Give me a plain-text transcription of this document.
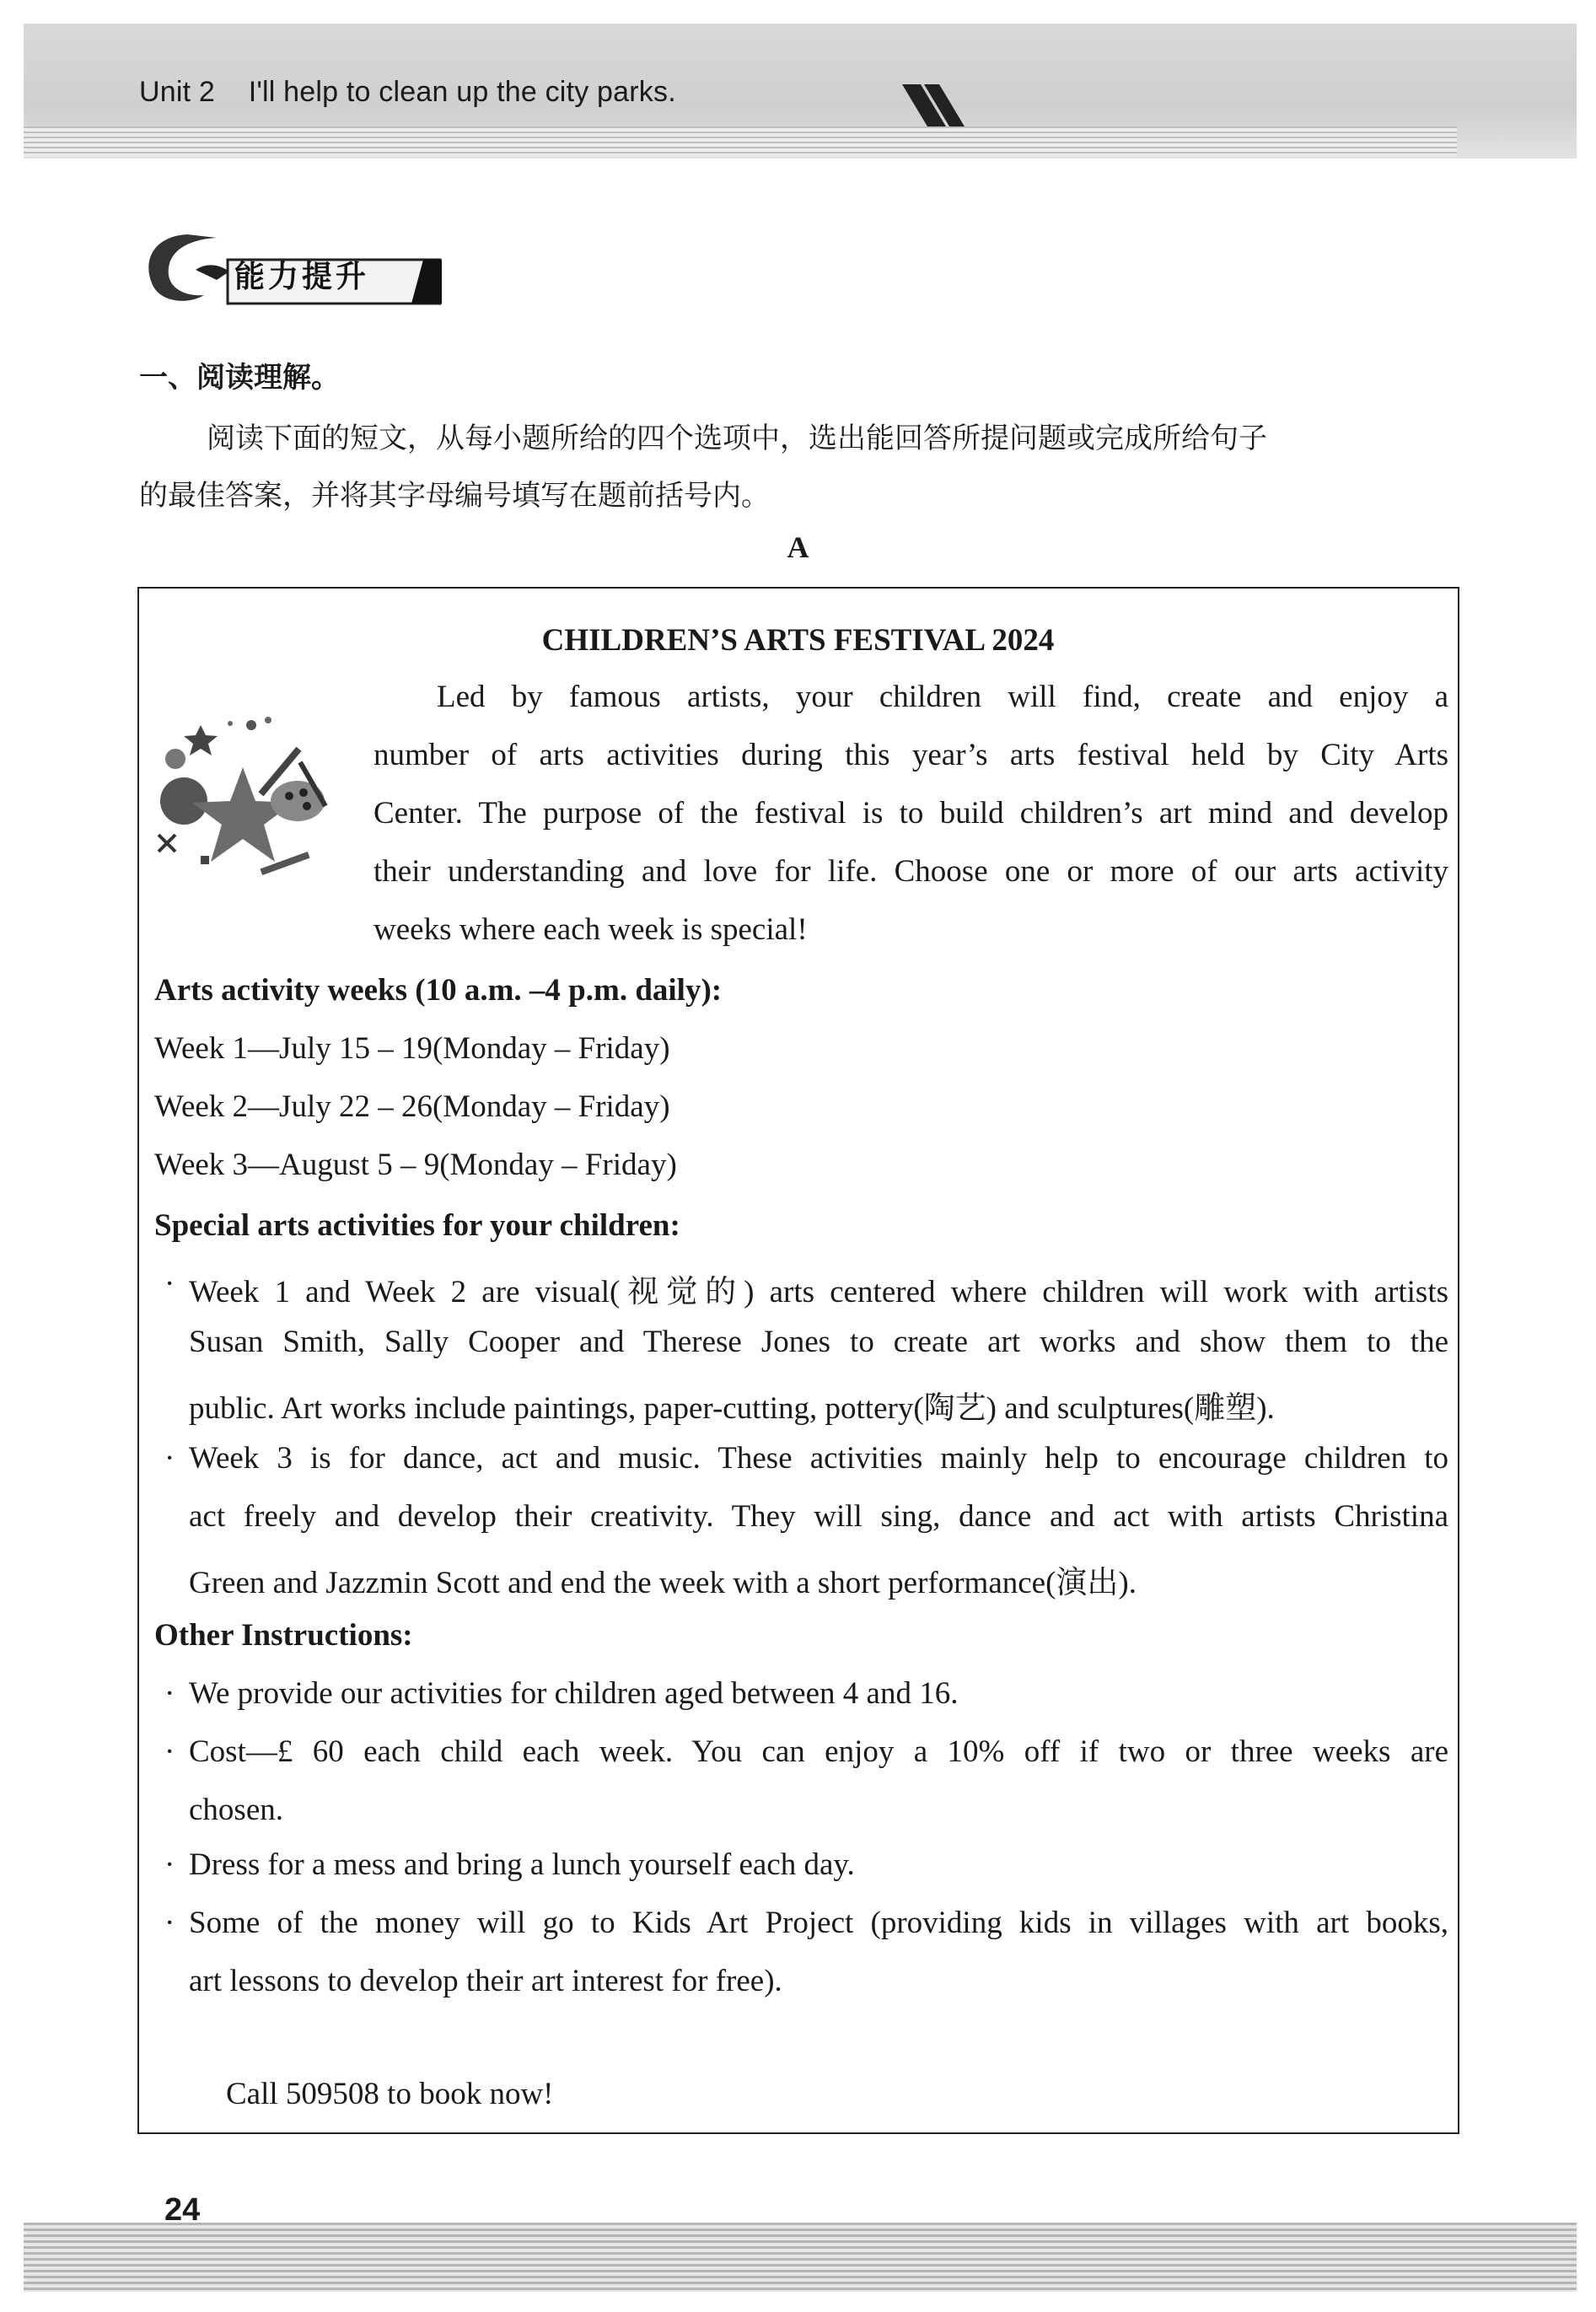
Unit 2 I'll help to clean up the city parks.
能力提升
一、阅读理解。
阅读下面的短文，从每小题所给的四个选项中，选出能回答所提问题或完成所给句子
的最佳答案，并将其字母编号填写在题前括号内。
A
CHILDREN’S ARTS FESTIVAL 2024
Led by famous artists, your children will find, create and enjoy a
number of arts activities during this year’s arts festival held by City Arts
Center. The purpose of the festival is to build children’s art mind and develop
their understanding and love for life. Choose one or more of our arts activity
weeks where each week is special!
Arts activity weeks (10 a.m. –4 p.m. daily):
Week 1—July 15 – 19(Monday – Friday)
Week 2—July 22 – 26(Monday – Friday)
Week 3—August 5 – 9(Monday – Friday)
Special arts activities for your children:
· Week 1 and Week 2 are visual(视觉的) arts centered where children will work with artists
Susan Smith, Sally Cooper and Therese Jones to create art works and show them to the
public. Art works include paintings, paper-cutting, pottery(陶艺) and sculptures(雕塑).
· Week 3 is for dance, act and music. These activities mainly help to encourage children to
act freely and develop their creativity. They will sing, dance and act with artists Christina
Green and Jazzmin Scott and end the week with a short performance(演出).
Other Instructions:
· We provide our activities for children aged between 4 and 16.
· Cost—£ 60 each child each week. You can enjoy a 10% off if two or three weeks are
chosen.
· Dress for a mess and bring a lunch yourself each day.
· Some of the money will go to Kids Art Project (providing kids in villages with art books,
art lessons to develop their art interest for free).
Call 509508 to book now!
24
